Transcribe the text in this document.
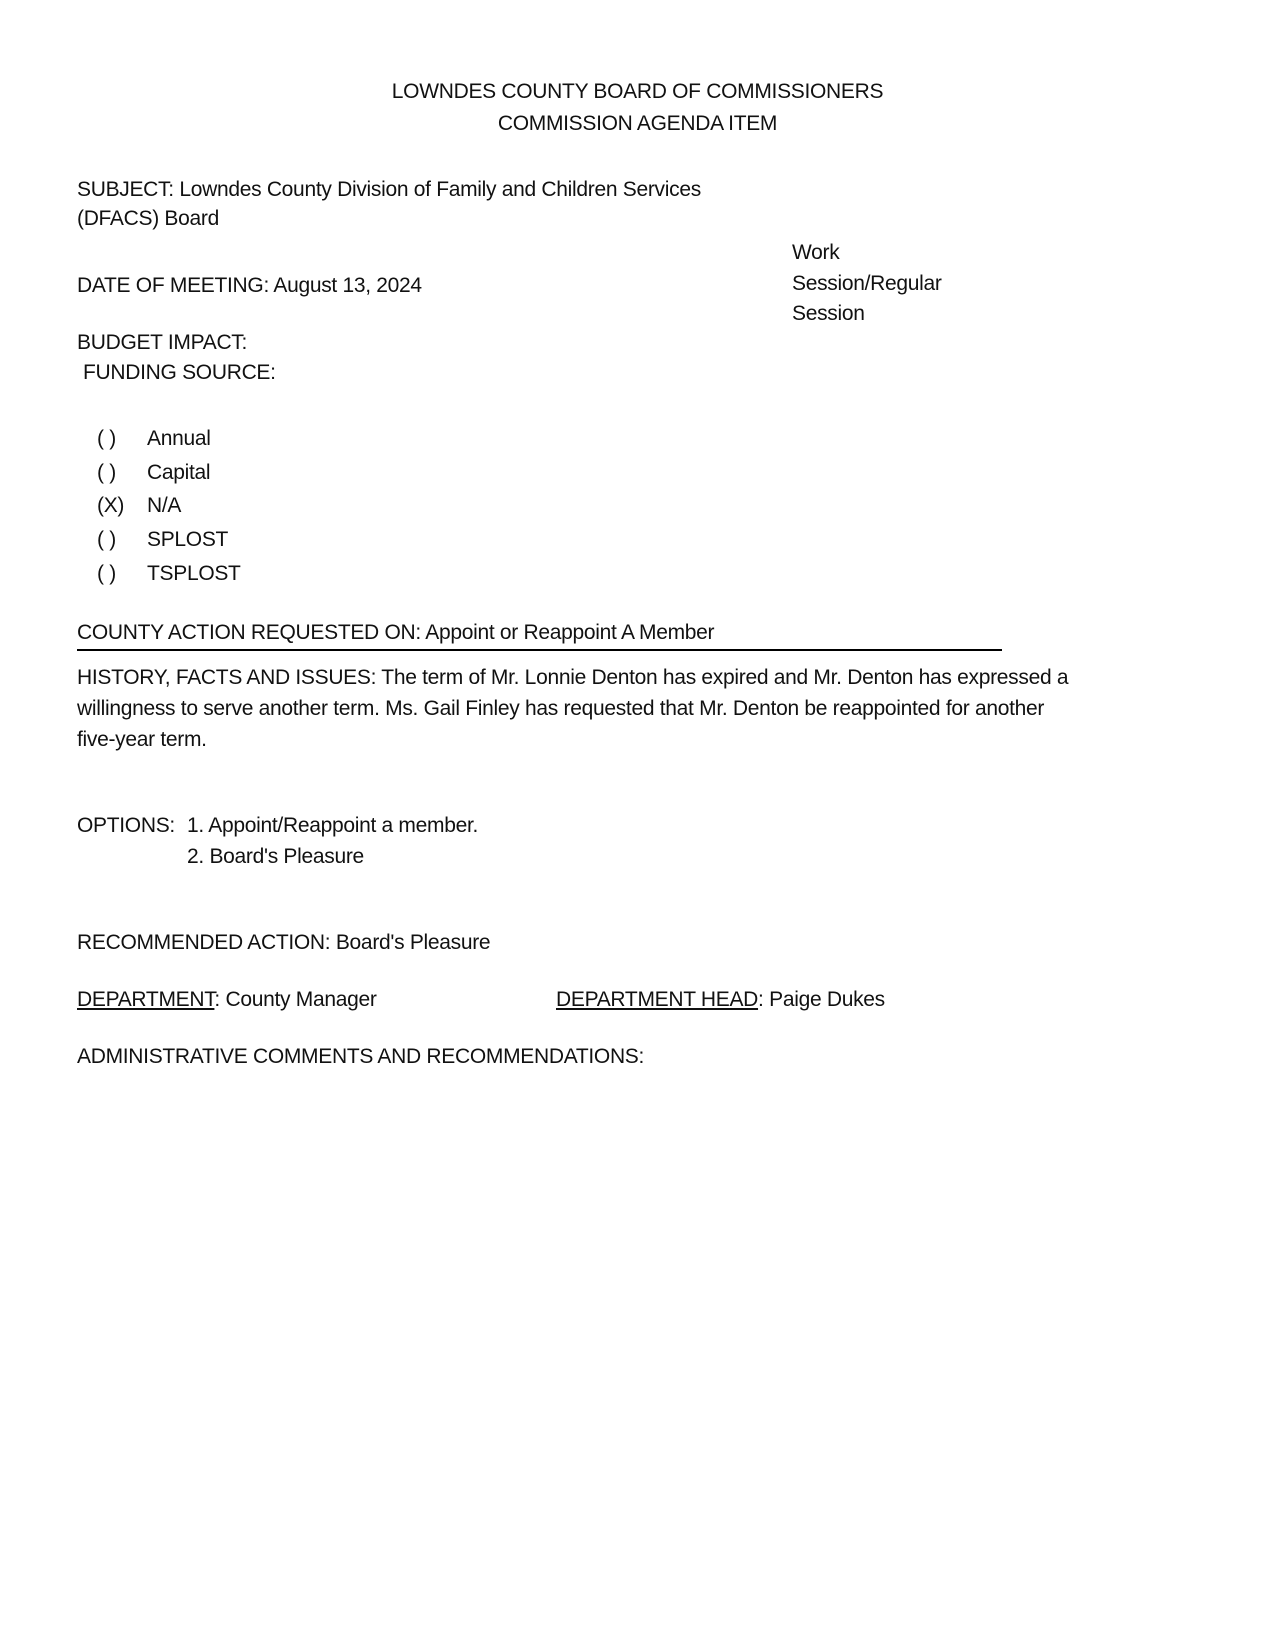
LOWNDES COUNTY BOARD OF COMMISSIONERS
COMMISSION AGENDA ITEM
SUBJECT: Lowndes County Division of Family and Children Services
(DFACS) Board
Work
Session/Regular
Session
DATE OF MEETING: August 13, 2024
BUDGET IMPACT:
FUNDING SOURCE:
( ) Annual
( ) Capital
(X) N/A
( ) SPLOST
( ) TSPLOST
COUNTY ACTION REQUESTED ON: Appoint or Reappoint A Member
HISTORY, FACTS AND ISSUES: The term of Mr. Lonnie Denton has expired and Mr. Denton has expressed a
willingness to serve another term. Ms. Gail Finley has requested that Mr. Denton be reappointed for another
five-year term.
OPTIONS: 1. Appoint/Reappoint a member.
2. Board's Pleasure
RECOMMENDED ACTION: Board's Pleasure
DEPARTMENT: County Manager	DEPARTMENT HEAD: Paige Dukes
ADMINISTRATIVE COMMENTS AND RECOMMENDATIONS:
